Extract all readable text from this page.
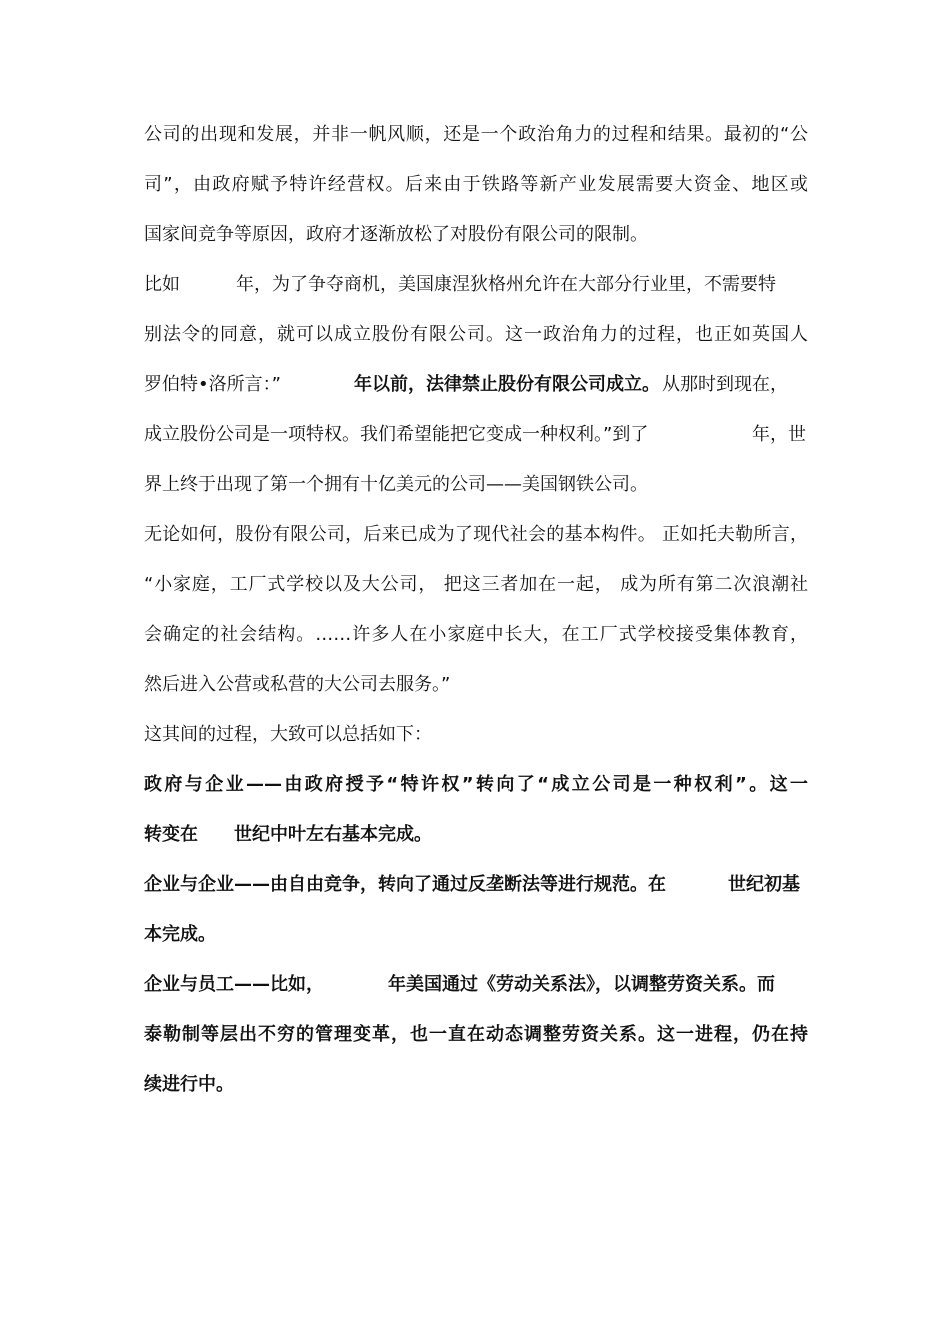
公司的出现和发展，并非一帆风顺，还是一个政治角力的过程和结果。最初的“公
司”，由政府赋予特许经营权。后来由于铁路等新产业发展需要大资金、地区或
国家间竞争等原因，政府才逐渐放松了对股份有限公司的限制。

比如

	年，为了争夺商机，美国康涅狄格州允许在大部分行业里，不需要特

别法令的同意，就可以成立股份有限公司。这一政治角力的过程，也正如英国人

罗伯特•洛所言：”

	年以前，法律禁止股份有限公司成立。

从那时到现在，

成立股份公司是一项特权。我们希望能把它变成一种权利。”到了

	年，世

界上终于出现了第一个拥有十亿美元的公司——美国钢铁公司。
无论如何，股份有限公司，后来已成为了现代社会的基本构件。 正如托夫勒所言，
“小家庭，工厂式学校以及大公司， 把这三者加在一起， 成为所有第二次浪潮社
会确定的社会结构。……许多人在小家庭中长大，在工厂式学校接受集体教育，
然后进入公营或私营的大公司去服务。”
这其间的过程，大致可以总括如下：
政府与企业——由政府授予“特许权”转向了“成立公司是一种权利”。这一

转变在

世纪中叶左右基本完成。

企业与企业——由自由竞争，转向了通过反垄断法等进行规范。在

	世纪初基

本完成。

企业与员工——比如，

	年美国通过《劳动关系法》，以调整劳资关系。而

泰勒制等层出不穷的管理变革，也一直在动态调整劳资关系。这一进程，仍在持
续进行中。
